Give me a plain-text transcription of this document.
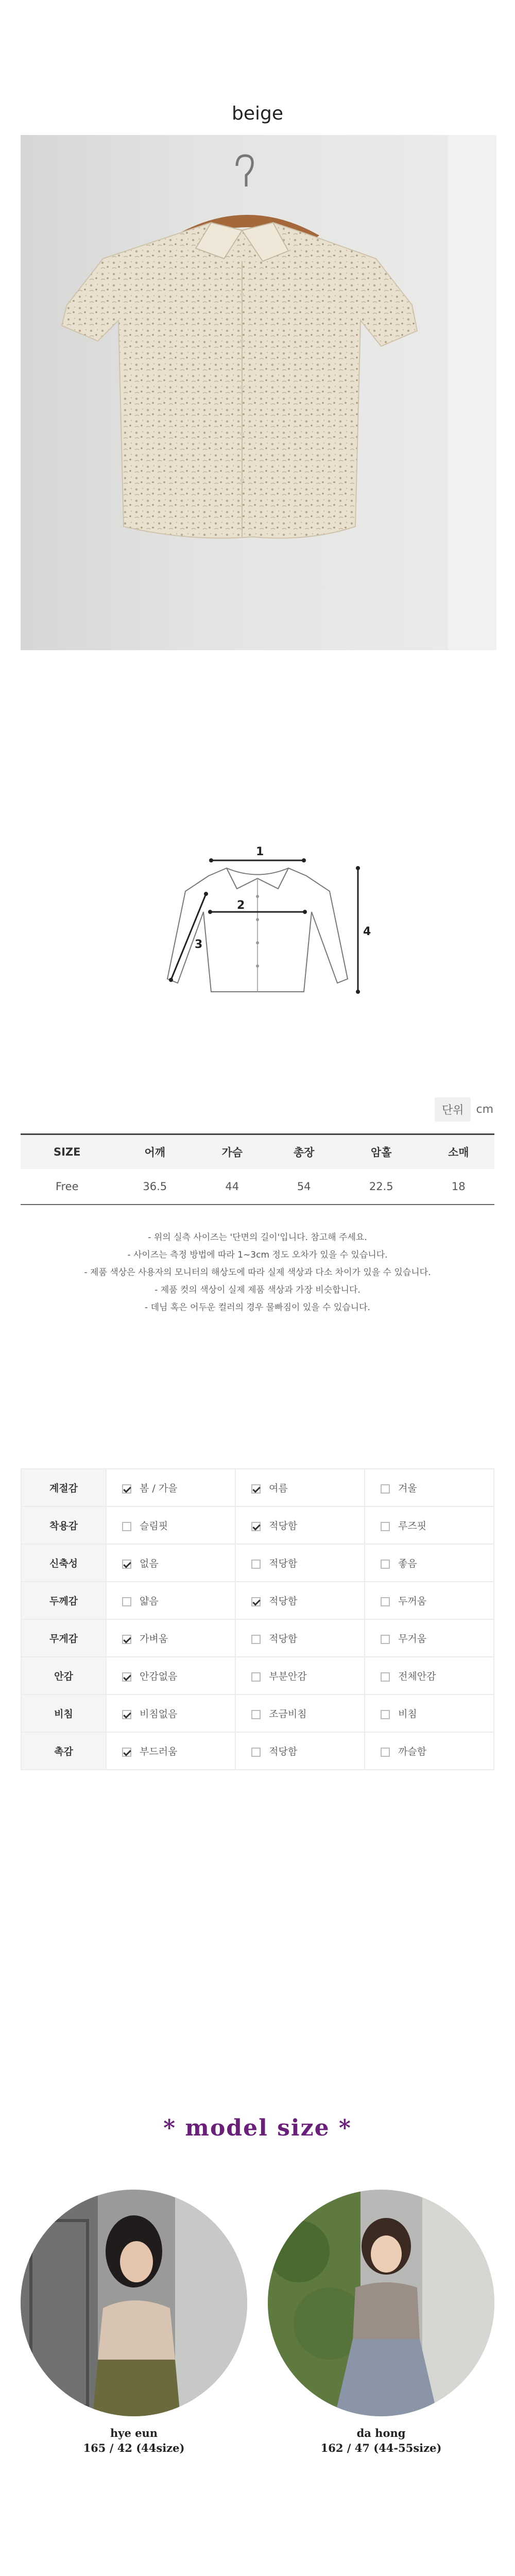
beige
1
2
3
4
단위	cm
SIZE	어깨	가슴	총장	암홀	소매
Free	36.5	44	54	22.5	18
- 위의 실측 사이즈는 '단면의 길이'입니다. 참고해 주세요.
- 사이즈는 측정 방법에 따라 1~3cm 정도 오차가 있을 수 있습니다.
- 제품 색상은 사용자의 모니터의 해상도에 따라 실제 색상과 다소 차이가 있을 수 있습니다.
- 제품 컷의 색상이 실제 제품 색상과 가장 비슷합니다.
- 데님 혹은 어두운 컬러의 경우 물빠짐이 있을 수 있습니다.
계절감	봄 / 가을	여름	겨울
착용감	슬림핏	적당함	루즈핏
신축성	없음	적당함	좋음
두께감	얇음	적당함	두꺼움
무게감	가벼움	적당함	무거움
안감	안감없음	부분안감	전체안감
비침	비침없음	조금비침	비침
촉감	부드러움	적당함	까슬함
* model size *
hye eun
165 / 42 (44size)
da hong
162 / 47 (44-55size)
